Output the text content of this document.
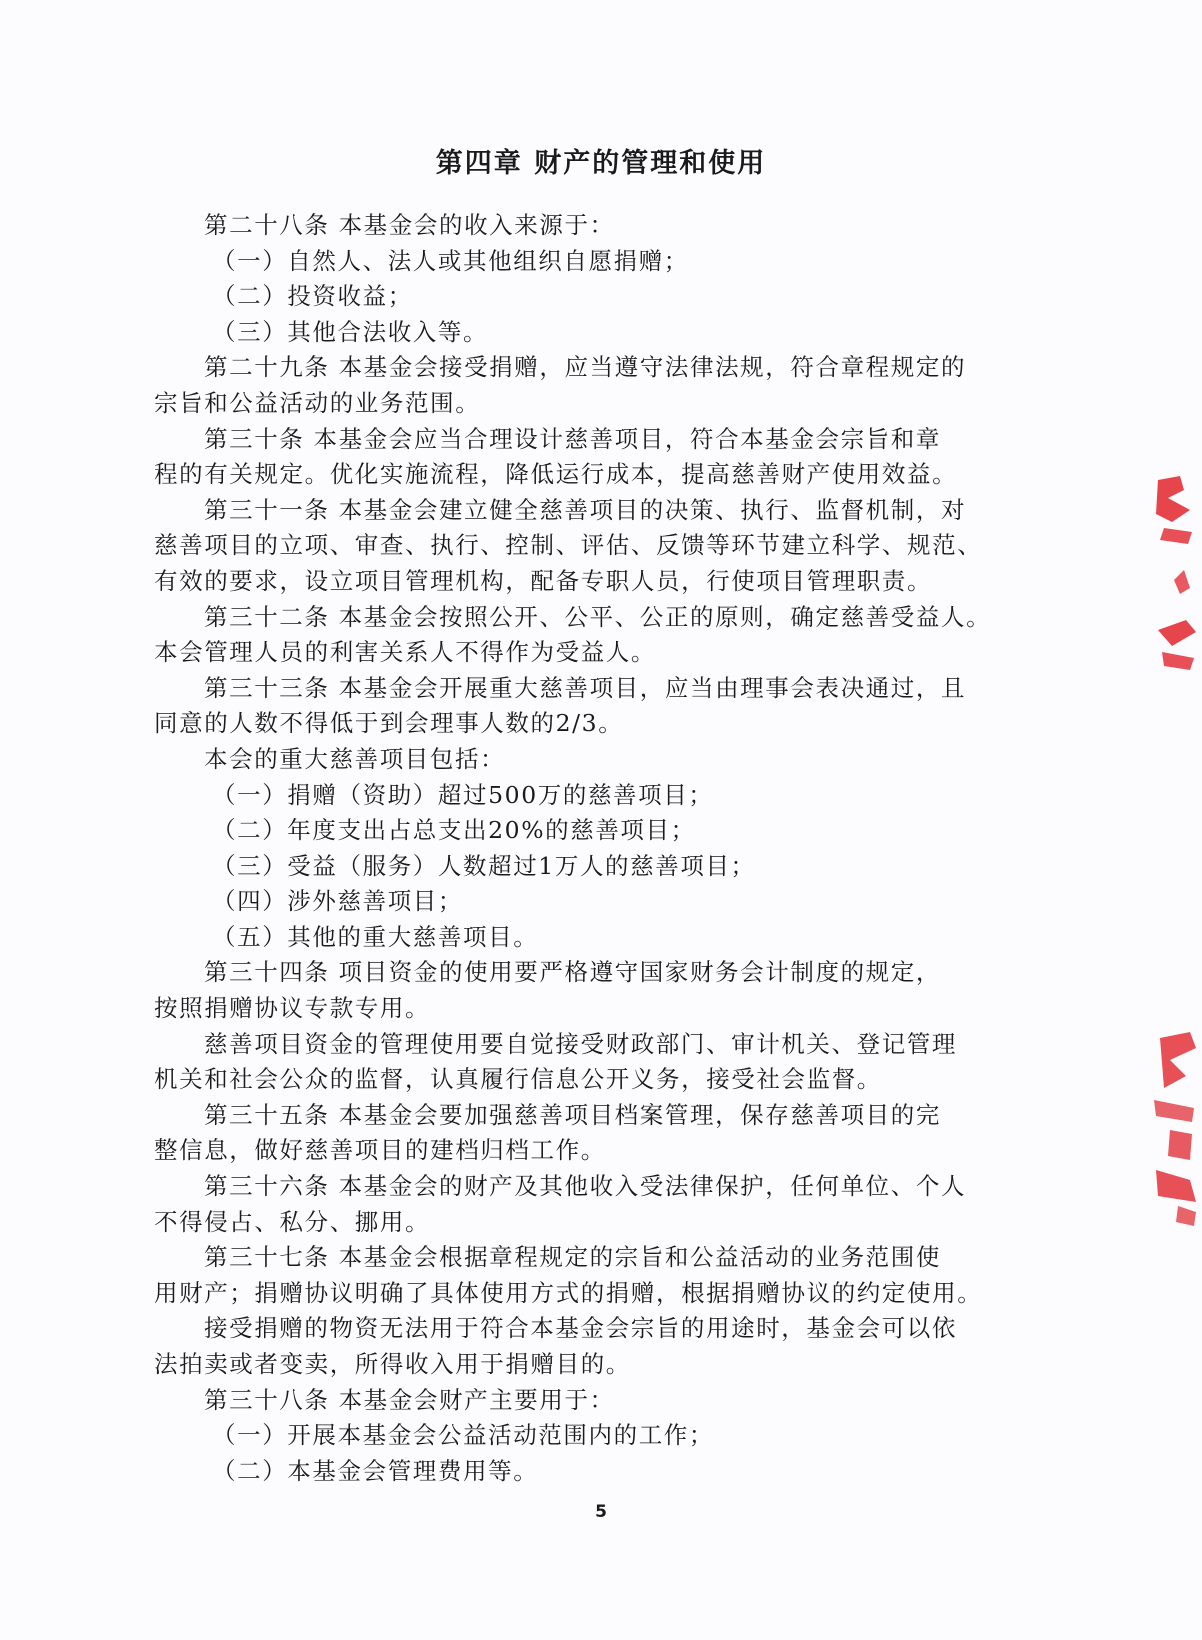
第四章 财产的管理和使用

第二十八条 本基金会的收入来源于：

（一）自然人、法人或其他组织自愿捐赠；

（二）投资收益；

（三）其他合法收入等。

第二十九条 本基金会接受捐赠，应当遵守法律法规，符合章程规定的

宗旨和公益活动的业务范围。

第三十条 本基金会应当合理设计慈善项目，符合本基金会宗旨和章

程的有关规定。优化实施流程，降低运行成本，提高慈善财产使用效益。

第三十一条 本基金会建立健全慈善项目的决策、执行、监督机制，对

慈善项目的立项、审查、执行、控制、评估、反馈等环节建立科学、规范、

有效的要求，设立项目管理机构，配备专职人员，行使项目管理职责。

第三十二条 本基金会按照公开、公平、公正的原则，确定慈善受益人。

本会管理人员的利害关系人不得作为受益人。

第三十三条 本基金会开展重大慈善项目，应当由理事会表决通过，且

同意的人数不得低于到会理事人数的2/3。

本会的重大慈善项目包括：

（一）捐赠（资助）超过500万的慈善项目；

（二）年度支出占总支出20%的慈善项目；

（三）受益（服务）人数超过1万人的慈善项目；

（四）涉外慈善项目；

（五）其他的重大慈善项目。

第三十四条 项目资金的使用要严格遵守国家财务会计制度的规定，

按照捐赠协议专款专用。

慈善项目资金的管理使用要自觉接受财政部门、审计机关、登记管理

机关和社会公众的监督，认真履行信息公开义务，接受社会监督。

第三十五条 本基金会要加强慈善项目档案管理，保存慈善项目的完

整信息，做好慈善项目的建档归档工作。

第三十六条 本基金会的财产及其他收入受法律保护，任何单位、个人

不得侵占、私分、挪用。

第三十七条 本基金会根据章程规定的宗旨和公益活动的业务范围使

用财产；捐赠协议明确了具体使用方式的捐赠，根据捐赠协议的约定使用。

接受捐赠的物资无法用于符合本基金会宗旨的用途时，基金会可以依

法拍卖或者变卖，所得收入用于捐赠目的。

第三十八条 本基金会财产主要用于：

（一）开展本基金会公益活动范围内的工作；

（二）本基金会管理费用等。

5
